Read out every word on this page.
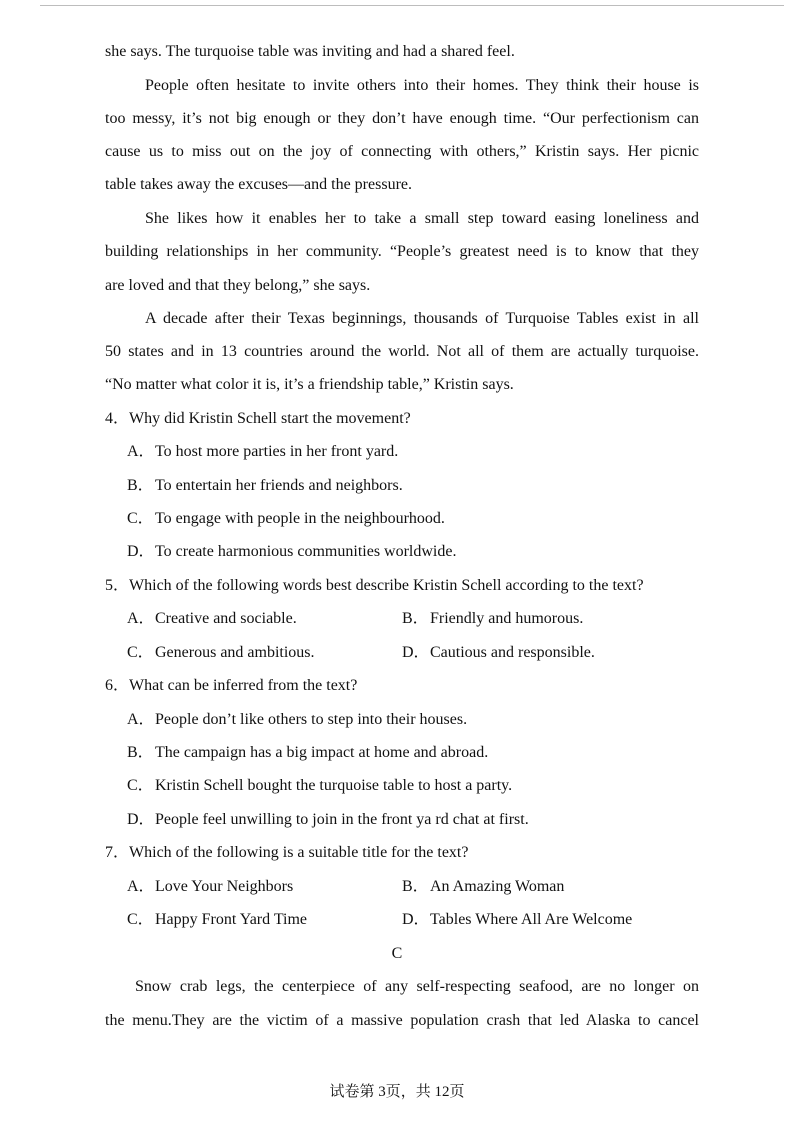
she says. The turquoise table was inviting and had a shared feel.
People often hesitate to invite others into their homes. They think their house is
too messy, it’s not big enough or they don’t have enough time. “Our perfectionism can
cause us to miss out on the joy of connecting with others,” Kristin says. Her picnic
table takes away the excuses—and the pressure.
She likes how it enables her to take a small step toward easing loneliness and
building relationships in her community. “People’s greatest need is to know that they
are loved and that they belong,” she says.
A decade after their Texas beginnings, thousands of Turquoise Tables exist in all
50 states and in 13 countries around the world. Not all of them are actually turquoise.
“No matter what color it is, it’s a friendship table,” Kristin says.
4．Why did Kristin Schell start the movement?
A．To host more parties in her front yard.
B．To entertain her friends and neighbors.
C．To engage with people in the neighbourhood.
D．To create harmonious communities worldwide.
5．Which of the following words best describe Kristin Schell according to the text?
A．Creative and sociable.	B．Friendly and humorous.
C．Generous and ambitious.	D．Cautious and responsible.
6．What can be inferred from the text?
A．People don’t like others to step into their houses.
B．The campaign has a big impact at home and abroad.
C．Kristin Schell bought the turquoise table to host a party.
D．People feel unwilling to join in the front ya rd chat at first.
7．Which of the following is a suitable title for the text?
A．Love Your Neighbors	B．An Amazing Woman
C．Happy Front Yard Time	D．Tables Where All Are Welcome
C
Snow crab legs, the centerpiece of any self-respecting seafood, are no longer on
the menu.They are the victim of a massive population crash that led Alaska to cancel
试卷第 3页，共 12页
